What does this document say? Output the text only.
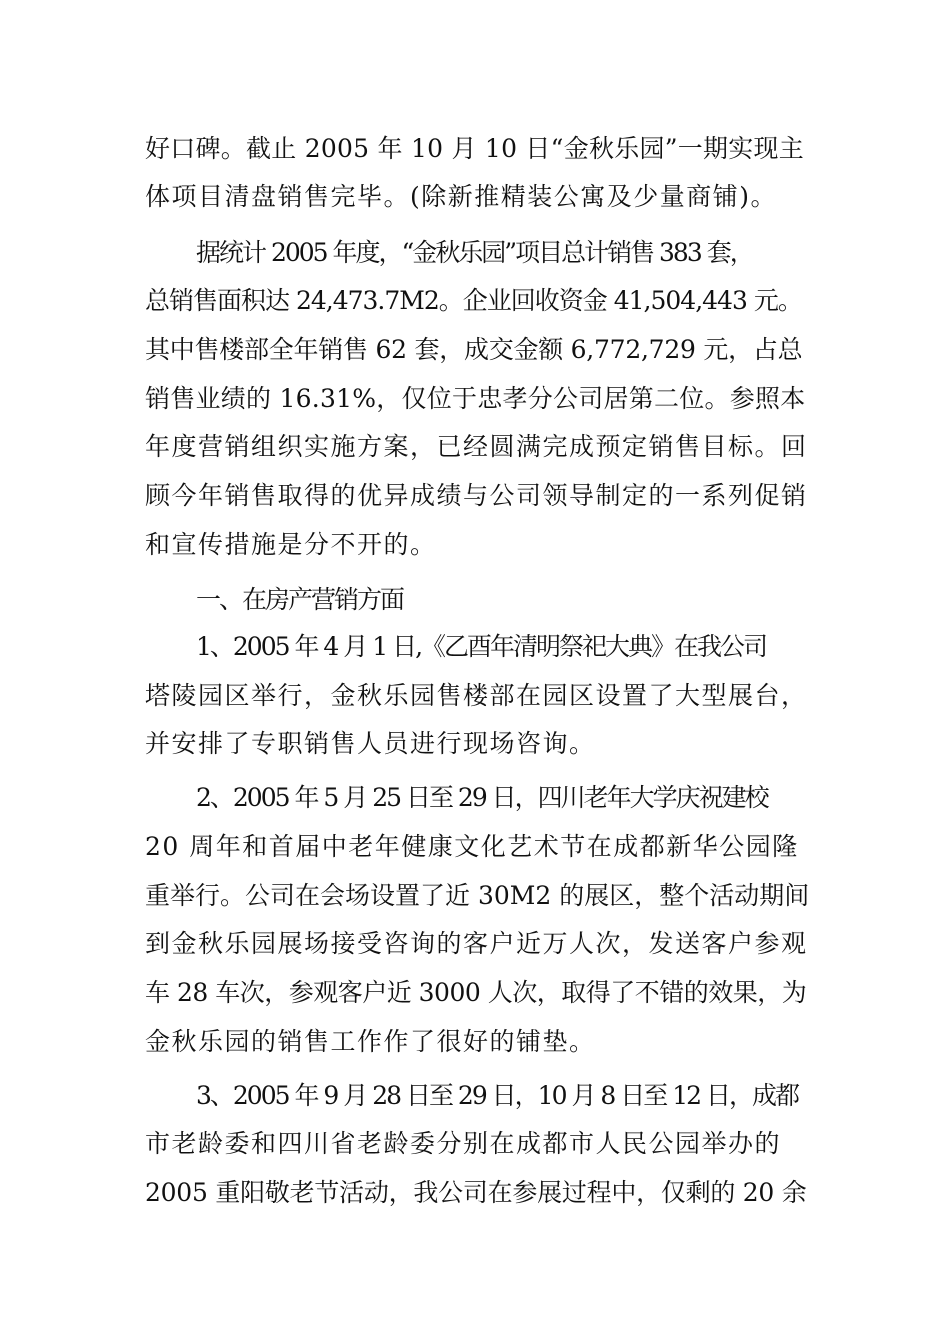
好口碑。截止 2005 年 10 月 10 日“金秋乐园”一期实现主
体项目清盘销售完毕。(除新推精装公寓及少量商铺)。
据统计 2005 年度，“金秋乐园”项目总计销售 383 套，
总销售面积达 24,473.7M2。企业回收资金 41,504,443 元。
其中售楼部全年销售 62 套，成交金额 6,772,729 元，占总
销售业绩的 16.31%，仅位于忠孝分公司居第二位。参照本
年度营销组织实施方案，已经圆满完成预定销售目标。回
顾今年销售取得的优异成绩与公司领导制定的一系列促销
和宣传措施是分不开的。
一、在房产营销方面
1、2005 年 4 月 1 日,《乙酉年清明祭祀大典》在我公司
塔陵园区举行，金秋乐园售楼部在园区设置了大型展台，
并安排了专职销售人员进行现场咨询。
2、2005 年 5 月 25 日至 29 日，四川老年大学庆祝建校
20 周年和首届中老年健康文化艺术节在成都新华公园隆
重举行。公司在会场设置了近 30M2 的展区，整个活动期间
到金秋乐园展场接受咨询的客户近万人次，发送客户参观
车 28 车次，参观客户近 3000 人次，取得了不错的效果，为
金秋乐园的销售工作作了很好的铺垫。
3、2005 年 9 月 28 日至 29 日，10 月 8 日至 12 日，成都
市老龄委和四川省老龄委分别在成都市人民公园举办的
2005 重阳敬老节活动，我公司在参展过程中，仅剩的 20 余
